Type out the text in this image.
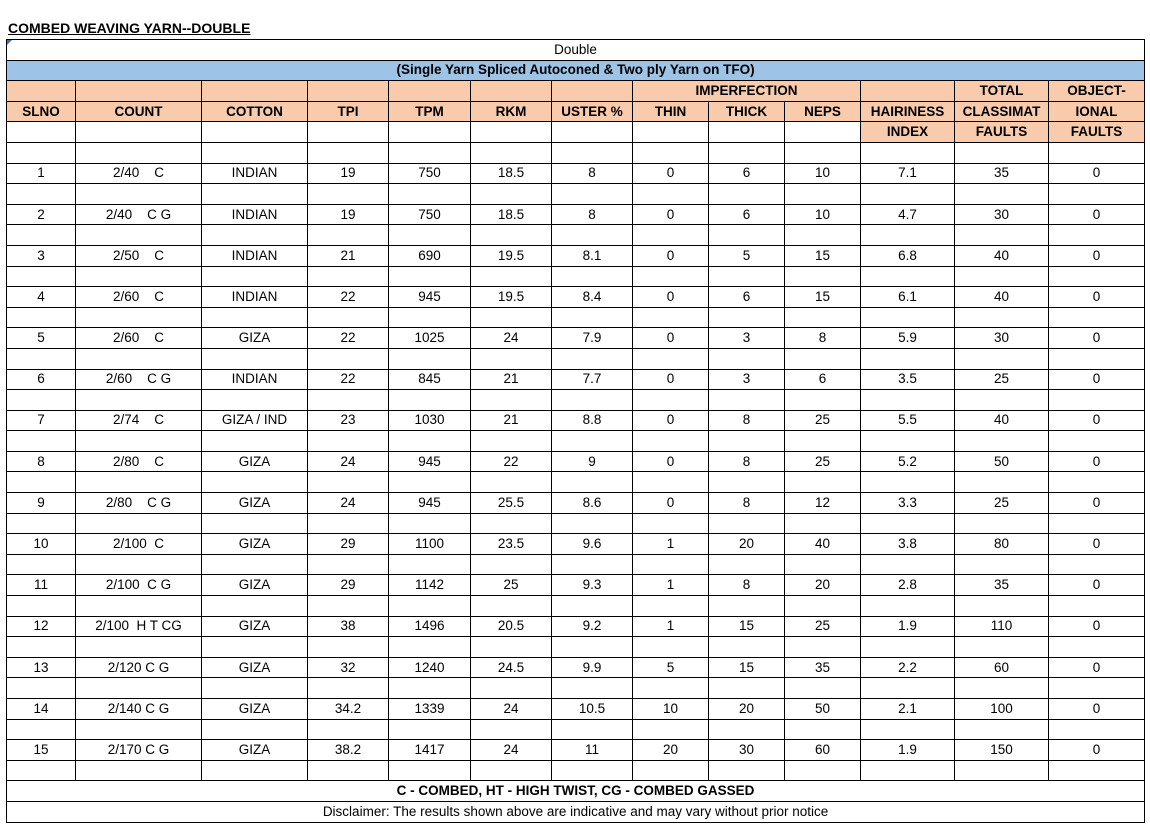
COMBED WEAVING YARN--DOUBLE
Double												
(Single Yarn Spliced Autoconed & Two ply Yarn on TFO)												
							IMPERFECTION				TOTAL	OBJECT-
SLNO	COUNT	COTTON	TPI	TPM	RKM	USTER %	THIN	THICK	NEPS	HAIRINESS	CLASSIMAT	IONAL
										INDEX	FAULTS	FAULTS

1	2/40    C	INDIAN	19	750	18.5	8	0	6	10	7.1	35	0

2	2/40    C G	INDIAN	19	750	18.5	8	0	6	10	4.7	30	0

3	2/50    C	INDIAN	21	690	19.5	8.1	0	5	15	6.8	40	0

4	2/60    C	INDIAN	22	945	19.5	8.4	0	6	15	6.1	40	0

5	2/60    C	GIZA	22	1025	24	7.9	0	3	8	5.9	30	0

6	2/60    C G	INDIAN	22	845	21	7.7	0	3	6	3.5	25	0

7	2/74    C	GIZA / IND	23	1030	21	8.8	0	8	25	5.5	40	0

8	2/80    C	GIZA	24	945	22	9	0	8	25	5.2	50	0

9	2/80    C G	GIZA	24	945	25.5	8.6	0	8	12	3.3	25	0

10	2/100  C	GIZA	29	1100	23.5	9.6	1	20	40	3.8	80	0

11	2/100  C G	GIZA	29	1142	25	9.3	1	8	20	2.8	35	0

12	2/100  H T CG	GIZA	38	1496	20.5	9.2	1	15	25	1.9	110	0

13	2/120 C G	GIZA	32	1240	24.5	9.9	5	15	35	2.2	60	0

14	2/140 C G	GIZA	34.2	1339	24	10.5	10	20	50	2.1	100	0

15	2/170 C G	GIZA	38.2	1417	24	11	20	30	60	1.9	150	0

C - COMBED, HT - HIGH TWIST, CG - COMBED GASSED												
Disclaimer: The results shown above are indicative and may vary without prior notice												
